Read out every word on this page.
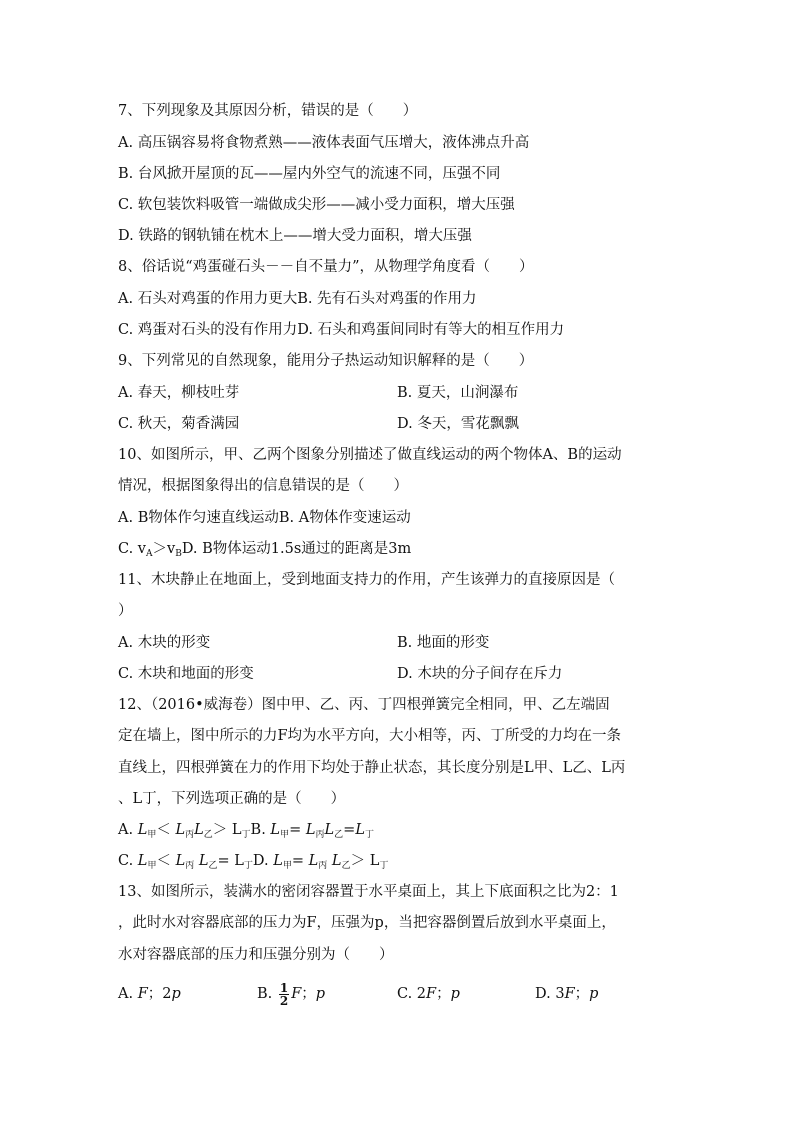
7、下列现象及其原因分析，错误的是（　　）
A. 高压锅容易将食物煮熟——液体表面气压增大，液体沸点升高
B. 台风掀开屋顶的瓦——屋内外空气的流速不同，压强不同
C. 软包装饮料吸管一端做成尖形——减小受力面积，增大压强
D. 铁路的钢轨铺在枕木上——增大受力面积，增大压强
8、俗话说“鸡蛋碰石头－－自不量力”，从物理学角度看（　　）
A. 石头对鸡蛋的作用力更大B. 先有石头对鸡蛋的作用力
C. 鸡蛋对石头的没有作用力D. 石头和鸡蛋间同时有等大的相互作用力
9、下列常见的自然现象，能用分子热运动知识解释的是（　　）
A. 春天，柳枝吐芽	B. 夏天，山涧瀑布
C. 秋天，菊香满园	D. 冬天，雪花飘飘
10、如图所示，甲、乙两个图象分别描述了做直线运动的两个物体A、B的运动
情况，根据图象得出的信息错误的是（　　）
A. B物体作匀速直线运动B. A物体作变速运动
C. $v_A>v_BD$. B物体运动1.5s通过的距离是3m
11、木块静止在地面上，受到地面支持力的作用，产生该弹力的直接原因是（
）
A. 木块的形变	B. 地面的形变
C. 木块和地面的形变	D. 木块的分子间存在斥力
12、（2016•威海卷）图中甲、乙、丙、丁四根弹簧完全相同，甲、乙左端固
定在墙上，图中所示的力F均为水平方向，大小相等，丙、丁所受的力均在一条
直线上，四根弹簧在力的作用下均处于静止状态，其长度分别是L甲、L乙、L丙
、L丁，下列选项正确的是（　　）
A. $L_甲< L_丙L_乙> L_丁B$. $L_甲= L_丙L_乙=L_丁$
C. $L_甲< L_丙$ $L_乙= L_丁D$. $L_甲= L_丙$ $L_乙> L_丁$
13、如图所示，装满水的密闭容器置于水平桌面上，其上下底面积之比为2：1
，此时水对容器底部的压力为F，压强为p，当把容器倒置后放到水平桌面上，
水对容器底部的压力和压强分别为（　　）
A. F；2p	B. $\frac{1}{2}$ F；p	C. 2F；p	D. 3F；p
